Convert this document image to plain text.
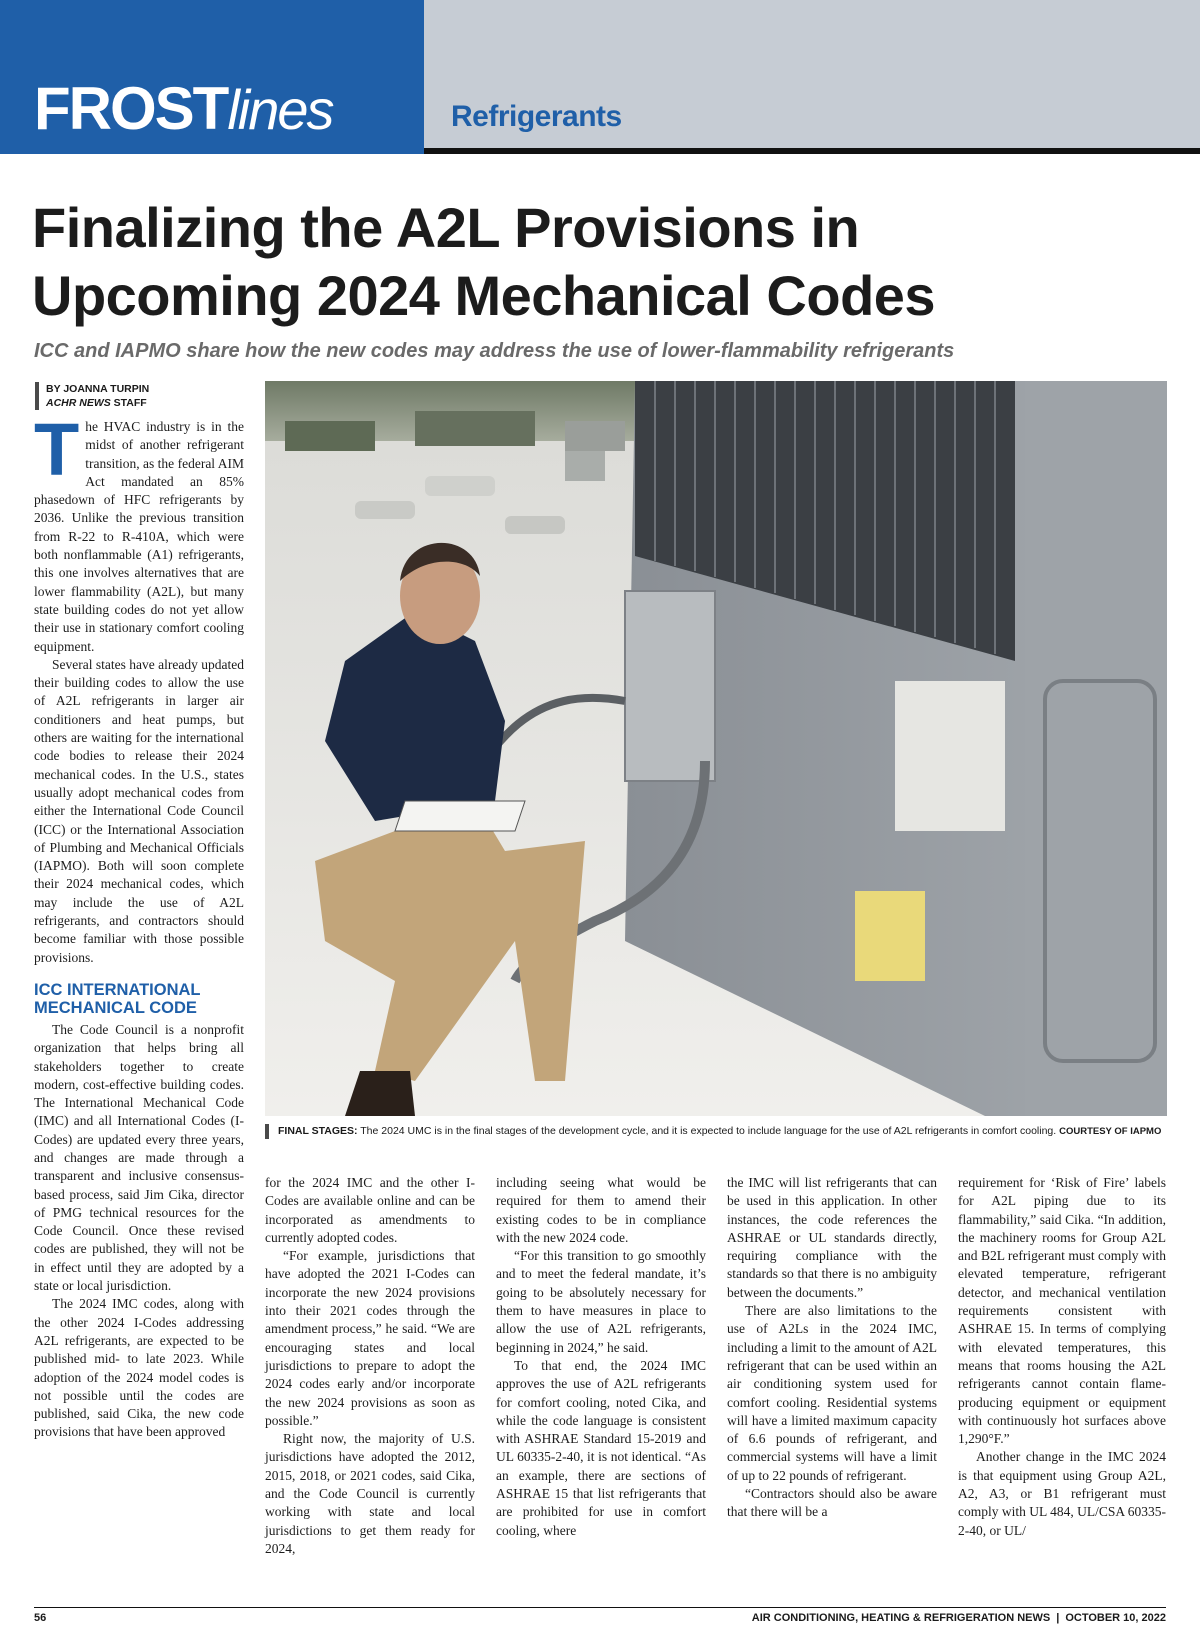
FROSTlines	Refrigerants
Finalizing the A2L Provisions in
Upcoming 2024 Mechanical Codes
ICC and IAPMO share how the new codes may address the use of lower-flammability refrigerants
BY JOANNA TURPIN
ACHR NEWS STAFF

The HVAC industry is in the midst of another refrigerant transition, as the federal AIM Act mandated an 85% phasedown of HFC refrigerants by 2036. Unlike the previous transition from R-22 to R-410A, which were both nonflammable (A1) refrigerants, this one involves alternatives that are lower flammability (A2L), but many state building codes do not yet allow their use in stationary comfort cooling equipment.

Several states have already updated their building codes to allow the use of A2L refrigerants in larger air conditioners and heat pumps, but others are waiting for the international code bodies to release their 2024 mechanical codes. In the U.S., states usually adopt mechanical codes from either the International Code Council (ICC) or the International Association of Plumbing and Mechanical Officials (IAPMO). Both will soon complete their 2024 mechanical codes, which may include the use of A2L refrigerants, and contractors should become familiar with those possible provisions.

ICC INTERNATIONAL MECHANICAL CODE

The Code Council is a nonprofit organization that helps bring all stakeholders together to create modern, cost-effective building codes. The International Mechanical Code (IMC) and all International Codes (I-Codes) are updated every three years, and changes are made through a transparent and inclusive consensus-based process, said Jim Cika, director of PMG technical resources for the Code Council. Once these revised codes are published, they will not be in effect until they are adopted by a state or local jurisdiction.

The 2024 IMC codes, along with the other 2024 I-Codes addressing A2L refrigerants, are expected to be published mid- to late 2023. While adoption of the 2024 model codes is not possible until the codes are published, said Cika, the new code provisions that have been approved

FINAL STAGES: The 2024 UMC is in the final stages of the development cycle, and it is expected to include language for the use of A2L refrigerants in comfort cooling. COURTESY OF IAPMO

for the 2024 IMC and the other I-Codes are available online and can be incorporated as amendments to currently adopted codes.

“For example, jurisdictions that have adopted the 2021 I-Codes can incorporate the new 2024 provisions into their 2021 codes through the amendment process,” he said. “We are encouraging states and local jurisdictions to prepare to adopt the 2024 codes early and/or incorporate the new 2024 provisions as soon as possible.”

Right now, the majority of U.S. jurisdictions have adopted the 2012, 2015, 2018, or 2021 codes, said Cika, and the Code Council is currently working with state and local jurisdictions to get them ready for 2024,

including seeing what would be required for them to amend their existing codes to be in compliance with the new 2024 code.

“For this transition to go smoothly and to meet the federal mandate, it’s going to be absolutely necessary for them to have measures in place to allow the use of A2L refrigerants, beginning in 2024,” he said.

To that end, the 2024 IMC approves the use of A2L refrigerants for comfort cooling, noted Cika, and while the code language is consistent with ASHRAE Standard 15-2019 and UL 60335-2-40, it is not identical. “As an example, there are sections of ASHRAE 15 that list refrigerants that are prohibited for use in comfort cooling, where

the IMC will list refrigerants that can be used in this application. In other instances, the code references the ASHRAE or UL standards directly, requiring compliance with the standards so that there is no ambiguity between the documents.”

There are also limitations to the use of A2Ls in the 2024 IMC, including a limit to the amount of A2L refrigerant that can be used within an air conditioning system used for comfort cooling. Residential systems will have a limited maximum capacity of 6.6 pounds of refrigerant, and commercial systems will have a limit of up to 22 pounds of refrigerant.

“Contractors should also be aware that there will be a

requirement for ‘Risk of Fire’ labels for A2L piping due to its flammability,” said Cika. “In addition, the machinery rooms for Group A2L and B2L refrigerant must comply with elevated temperature, refrigerant detector, and mechanical ventilation requirements consistent with ASHRAE 15. In terms of complying with elevated temperatures, this means that rooms housing the A2L refrigerants cannot contain flame-producing equipment or equipment with continuously hot surfaces above 1,290°F.”

Another change in the IMC 2024 is that equipment using Group A2L, A2, A3, or B1 refrigerant must comply with UL 484, UL/CSA 60335-2-40, or UL/

56	AIR CONDITIONING, HEATING & REFRIGERATION NEWS | OCTOBER 10, 2022
